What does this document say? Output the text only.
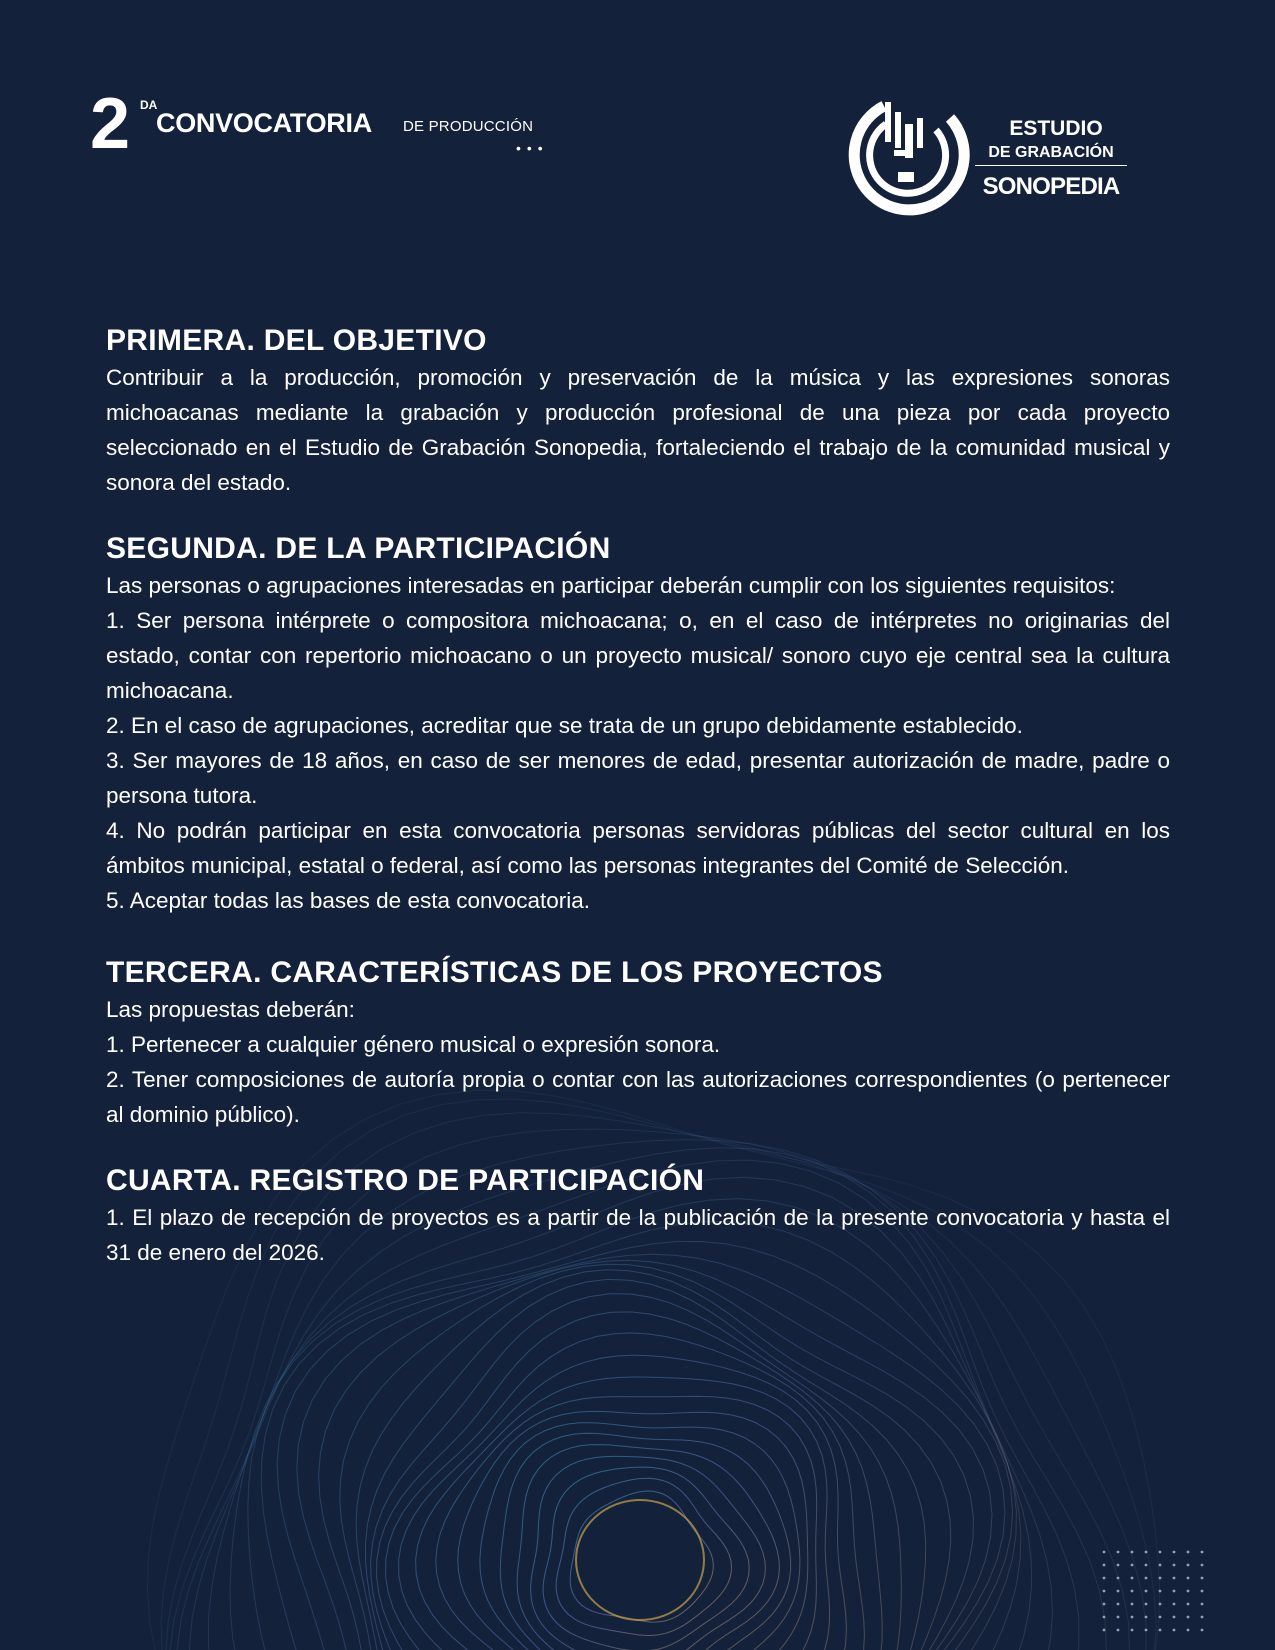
2 DA
CONVOCATORIA DE PRODUCCIÓN
•••
ESTUDIO
DE GRABACIÓN
SONOPEDIA
PRIMERA. DEL OBJETIVO

Contribuir a la producción, promoción y preservación de la música y las expresiones sonoras michoacanas mediante la grabación y producción profesional de una pieza por cada proyecto seleccionado en el Estudio de Grabación Sonopedia, fortaleciendo el trabajo de la comunidad musical y sonora del estado.

SEGUNDA. DE LA PARTICIPACIÓN

Las personas o agrupaciones interesadas en participar deberán cumplir con los siguientes requisitos:

1. Ser persona intérprete o compositora michoacana; o, en el caso de intérpretes no originarias del estado, contar con repertorio michoacano o un proyecto musical/ sonoro cuyo eje central sea la cultura michoacana.

2. En el caso de agrupaciones, acreditar que se trata de un grupo debidamente establecido.

3. Ser mayores de 18 años, en caso de ser menores de edad, presentar autorización de madre, padre o persona tutora.

4. No podrán participar en esta convocatoria personas servidoras públicas del sector cultural en los ámbitos municipal, estatal o federal, así como las personas integrantes del Comité de Selección.

5. Aceptar todas las bases de esta convocatoria.

TERCERA. CARACTERÍSTICAS DE LOS PROYECTOS

Las propuestas deberán:

1. Pertenecer a cualquier género musical o expresión sonora.

2. Tener composiciones de autoría propia o contar con las autorizaciones correspondientes (o pertenecer al dominio público).

CUARTA. REGISTRO DE PARTICIPACIÓN

1. El plazo de recepción de proyectos es a partir de la publicación de la presente convocatoria y hasta el 31 de enero del 2026.
